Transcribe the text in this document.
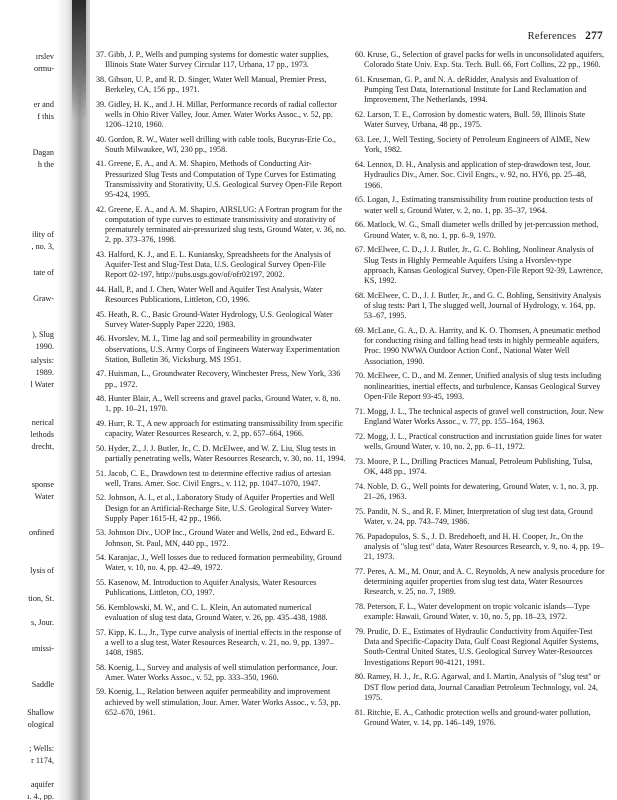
ırslev
ormu-
er and
f this
Dagan
h the
ility of
, no. 3,
tate of
Graw-
), Slug
1990.
ıalysis:
1989.
l Water
nerical
lethods
drecht,
sponse
Water
onfined
lysis of
tion, St.
s, Jour.
ımissi-
Saddle
Shallow
ological
; Wells:
r 1174,
aquifer
ı. 4., pp.
References 277

37. Gibb, J. P., Wells and pumping systems for domestic water supplies, Illinois State Water Survey Circular 117, Urbana, 17 pp., 1973.

38. Gibson, U. P., and R. D. Singer, Water Well Manual, Premier Press, Berkeley, CA, 156 pp., 1971.

39. Gidley, H. K., and J. H. Millar, Performance records of radial collector wells in Ohio River Valley, Jour. Amer. Water Works Assoc., v. 52, pp. 1206–1210, 1960.

40. Gordon, R. W., Water well drilling with cable tools, Bucyrus-Erie Co., South Milwaukee, WI, 230 pp., 1958.

41. Greene, E. A., and A. M. Shapiro, Methods of Conducting Air-Pressurized Slug Tests and Computation of Type Curves for Estimating Transmissivity and Storativity, U.S. Geological Survey Open-File Report 95-424, 1995.

42. Greene, E. A., and A. M. Shapiro, AIRSLUG: A Fortran program for the computation of type curves to estimate transmissivity and storativity of prematurely terminated air-pressurized slug tests, Ground Water, v. 36, no. 2, pp. 373–376, 1998.

43. Halford, K. J., and E. L. Kuniansky, Spreadsheets for the Analysis of Aquifer-Test and Slug-Test Data, U.S. Geological Survey Open-File Report 02-197, http://pubs.usgs.gov/of/ofr02197, 2002.

44. Hall, P., and J. Chen, Water Well and Aquifer Test Analysis, Water Resources Publications, Littleton, CO, 1996.

45. Heath, R. C., Basic Ground-Water Hydrology, U.S. Geological Water Survey Water-Supply Paper 2220, 1983.

46. Hvorslev, M. J., Time lag and soil permeability in groundwater observations, U.S. Army Corps of Engineers Waterway Experimentation Station, Bulletin 36, Vicksburg, MS 1951.

47. Huisman, L., Groundwater Recovery, Winchester Press, New York, 336 pp., 1972.

48. Hunter Blair, A., Well screens and gravel packs, Ground Water, v. 8, no. 1, pp. 10–21, 1970.

49. Hurr, R. T., A new approach for estimating transmissibility from specific capacity, Water Resources Research, v. 2, pp. 657–664, 1966.

50. Hyder, Z., J. J. Butler, Jr., C. D. McElwee, and W. Z. Liu, Slug tests in partially penetrating wells, Water Resources Research, v. 30, no. 11, 1994.

51. Jacob, C. E., Drawdown test to determine effective radius of artesian well, Trans. Amer. Soc. Civil Engrs., v. 112, pp. 1047–1070, 1947.

52. Johnson, A. I., et al., Laboratory Study of Aquifer Properties and Well Design for an Artificial-Recharge Site, U.S. Geological Survey Water-Supply Paper 1615-H, 42 pp., 1966.

53. Johnson Div., UOP Inc., Ground Water and Wells, 2nd ed., Edward E. Johnson, St. Paul, MN, 440 pp., 1972.

54. Karanjac, J., Well losses due to reduced formation permeability, Ground Water, v. 10, no. 4, pp. 42–49, 1972.

55. Kasenow, M. Introduction to Aquifer Analysis, Water Resources Publications, Littleton, CO, 1997.

56. Kemblowski, M. W., and C. L. Klein, An automated numerical evaluation of slug test data, Ground Water, v. 26, pp. 435–438, 1988.

57. Kipp, K. L., Jr., Type curve analysis of inertial effects in the response of a well to a slug test, Water Resources Research, v. 21, no. 9, pp. 1397–1408, 1985.

58. Koenig, L., Survey and analysis of well stimulation performance, Jour. Amer. Water Works Assoc., v. 52, pp. 333–350, 1960.

59. Koenig, L., Relation between aquifer permeability and improvement achieved by well stimulation, Jour. Amer. Water Works Assoc., v. 53, pp. 652–670, 1961.

60. Kruse, G., Selection of gravel packs for wells in unconsolidated aquifers, Colorado State Univ. Exp. Sta. Tech. Bull. 66, Fort Collins, 22 pp., 1960.

61. Kruseman, G. P., and N. A. deRidder, Analysis and Evaluation of Pumping Test Data, International Institute for Land Reclamation and Improvement, The Netherlands, 1994.

62. Larson, T. E., Corrosion by domestic waters, Bull. 59, Illinois State Water Survey, Urbana, 48 pp., 1975.

63. Lee, J., Well Testing, Society of Petroleum Engineers of AIME, New York, 1982.

64. Lennox, D. H., Analysis and application of step-drawdown test, Jour. Hydraulics Div., Amer. Soc. Civil Engrs., v. 92, no. HY6, pp. 25–48, 1966.

65. Logan, J., Estimating transmissibility from routine production tests of water well s, Ground Water, v. 2, no. 1, pp. 35–37, 1964.

66. Matlock, W. G., Small diameter wells drilled by jet-percussion method, Ground Water, v. 8, no. 1, pp. 6–9, 1970.

67. McElwee, C. D., J. J. Butler, Jr., G. C. Bohling, Nonlinear Analysis of Slug Tests in Highly Permeable Aquifers Using a Hvorslev-type approach, Kansas Geological Survey, Open-File Report 92-39, Lawrence, KS, 1992.

68. McElwee, C. D., J. J. Butler, Jr., and G. C. Bohling, Sensitivity Analysis of slug tests: Part I, The slugged well, Journal of Hydrology, v. 164, pp. 53–67, 1995.

69. McLane, G. A., D. A. Harrity, and K. O. Thomsen, A pneumatic method for conducting rising and falling head tests in highly permeable aquifers, Proc. 1990 NWWA Outdoor Action Conf., National Water Well Association, 1990.

70. McElwee, C. D., and M. Zenner, Unified analysis of slug tests including nonlinearities, inertial effects, and turbulence, Kansas Geological Survey Open-File Report 93-45, 1993.

71. Mogg, J. L., The technical aspects of gravel well construction, Jour. New England Water Works Assoc., v. 77, pp. 155–164, 1963.

72. Mogg, J. L., Practical construction and incrustation guide lines for water wells, Ground Water, v. 10, no. 2, pp. 6–11, 1972.

73. Moore, P. L., Drilling Practices Manual, Petroleum Publishing, Tulsa, OK, 448 pp., 1974.

74. Noble, D. G., Well points for dewatering, Ground Water, v. 1, no. 3, pp. 21–26, 1963.

75. Pandit, N. S., and R. F. Miner, Interpretation of slug test data, Ground Water, v. 24, pp. 743–749, 1986.

76. Papadopulos, S. S., J. D. Bredehoeft, and H. H. Cooper, Jr., On the analysis of "slug test" data, Water Resources Research, v. 9, no. 4, pp. 19–21, 1973.

77. Peres, A. M., M. Onur, and A. C. Reynolds, A new analysis procedure for determining aquifer properties from slug test data, Water Resources Research, v. 25, no. 7, 1989.

78. Peterson, F. L., Water development on tropic volcanic islands—Type example: Hawaii, Ground Water, v. 10, no. 5, pp. 18–23, 1972.

79. Prudic, D. E., Estimates of Hydraulic Conductivity from Aquifer-Test Data and Specific-Capacity Data, Gulf Coast Regional Aquifer Systems, South-Central United States, U.S. Geological Survey Water-Resources Investigations Report 90-4121, 1991.

80. Ramey, H. J., Jr., R.G. Agarwal, and I. Martin, Analysis of "slug test" or DST flow period data, Journal Canadian Petroleum Technology, vol. 24, 1975.

81. Ritchie, E. A., Cathodic protection wells and ground-water pollution, Ground Water, v. 14, pp. 146–149, 1976.
